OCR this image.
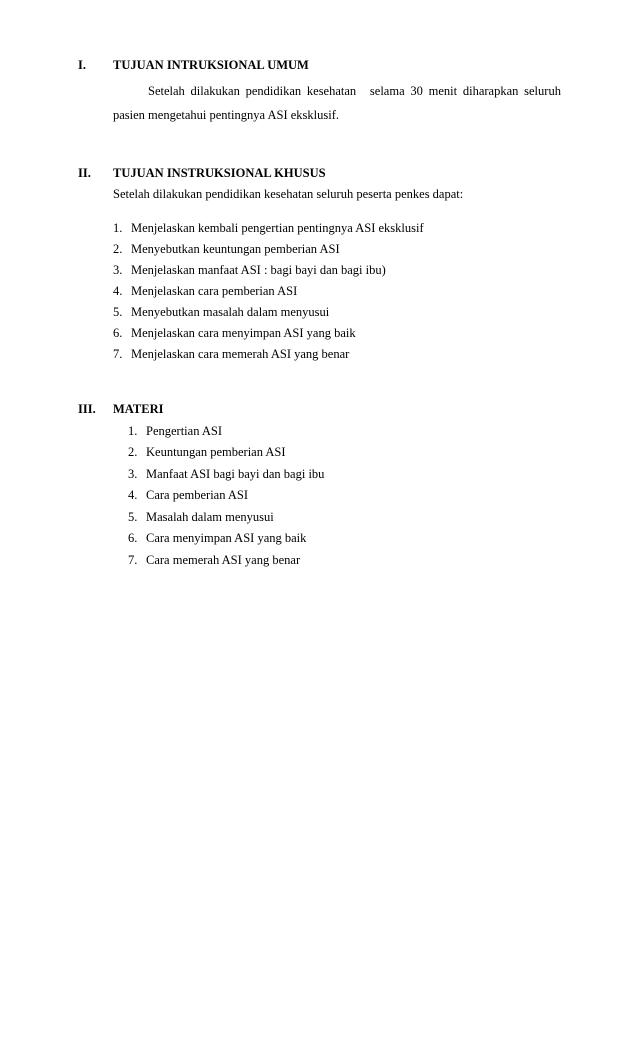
I. TUJUAN INTRUKSIONAL UMUM
Setelah dilakukan pendidikan kesehatan selama 30 menit diharapkan seluruh
pasien mengetahui pentingnya ASI eksklusif.
II. TUJUAN INSTRUKSIONAL KHUSUS
Setelah dilakukan pendidikan kesehatan seluruh peserta penkes dapat:
1. Menjelaskan kembali pengertian pentingnya ASI eksklusif
2. Menyebutkan keuntungan pemberian ASI
3. Menjelaskan manfaat ASI : bagi bayi dan bagi ibu)
4. Menjelaskan cara pemberian ASI
5. Menyebutkan masalah dalam menyusui
6. Menjelaskan cara menyimpan ASI yang baik
7. Menjelaskan cara memerah ASI yang benar
III. MATERI
1. Pengertian ASI
2. Keuntungan pemberian ASI
3. Manfaat ASI bagi bayi dan bagi ibu
4. Cara pemberian ASI
5. Masalah dalam menyusui
6. Cara menyimpan ASI yang baik
7. Cara memerah ASI yang benar
